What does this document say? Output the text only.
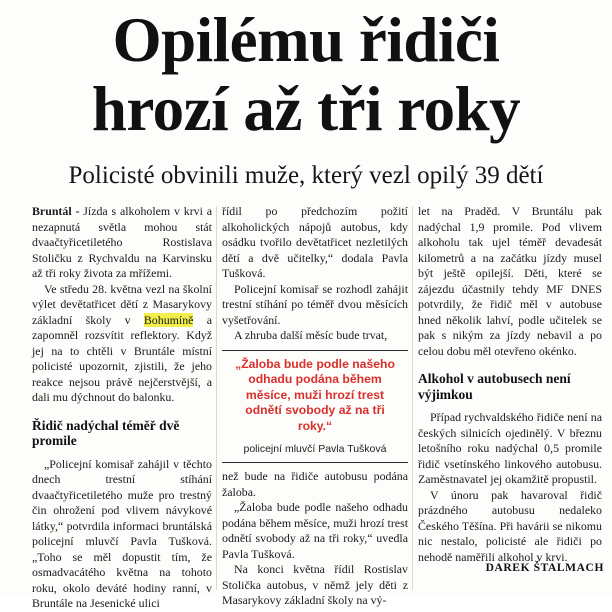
Opilému řidiči
hrozí až tři roky
Policisté obvinili muže, který vezl opilý 39 dětí

Bruntál - Jízda s alkoholem v krvi a nezapnutá světla mohou stát dvaačtyřicetiletého Rostislava Stoličku z Rychvaldu na Karvinsku až tři roky života za mřížemi.

Ve středu 28. května vezl na školní výlet devětatřicet dětí z Masarykovy základní školy v Bohumíně a zapomněl rozsvítit reflektory. Když jej na to chtěli v Bruntále místní policisté upozornit, zjistili, že jeho reakce nejsou právě nejčerstvější, a dali mu dýchnout do balonku.

Řidič nadýchal téměř dvě promile

„Policejní komisař zahájil v těchto dnech trestní stíhání dvaačtyřicetiletého muže pro trestný čin ohrožení pod vlivem návykové látky,“ potvrdila informaci bruntálská policejní mluvčí Pavla Tušková. „Toho se měl dopustit tím, že osmadvacátého května na tohoto roku, okolo deváté hodiny ranní, v Bruntále na Jesenické ulici

řídil po předchozím požití alkoholických nápojů autobus, kdy osádku tvořilo devětatřicet nezletilých dětí a dvě učitelky,“ dodala Pavla Tušková.

Policejní komisař se rozhodl zahájit trestní stíhání po téměř dvou měsících vyšetřování.

A zhruba další měsíc bude trvat,

„Žaloba bude podle našeho odhadu podána během měsíce, muži hrozí trest odnětí svobody až na tři roky.“
policejní mluvčí Pavla Tušková

než bude na řidiče autobusu podána žaloba.

„Žaloba bude podle našeho odhadu podána během měsíce, muži hrozí trest odnětí svobody až na tři roky,“ uvedla Pavla Tušková.

Na konci května řídil Rostislav Stolička autobus, v němž jely děti z Masarykovy základní školy na vý-

let na Praděd. V Bruntálu pak nadýchal 1,9 promile. Pod vlivem alkoholu tak ujel téměř devadesát kilometrů a na začátku jízdy musel být ještě opilejší. Děti, které se zájezdu účastnily tehdy MF DNES potvrdily, že řidič měl v autobuse hned několik lahví, podle učitelek se pak s nikým za jízdy nebavil a po celou dobu měl otevřeno okénko.

Alkohol v autobusech není výjimkou

Případ rychvaldského řidiče není na českých silnicích ojedinělý. V březnu letošního roku nadýchal 0,5 promile řidič vsetínského linkového autobusu. Zaměstnavatel jej okamžitě propustil.

V únoru pak havaroval řidič prázdného autobusu nedaleko Českého Těšína. Při havárii se nikomu nic nestalo, policisté ale řidiči po nehodě naměřili alkohol v krvi.

DAREK ŠTALMACH
